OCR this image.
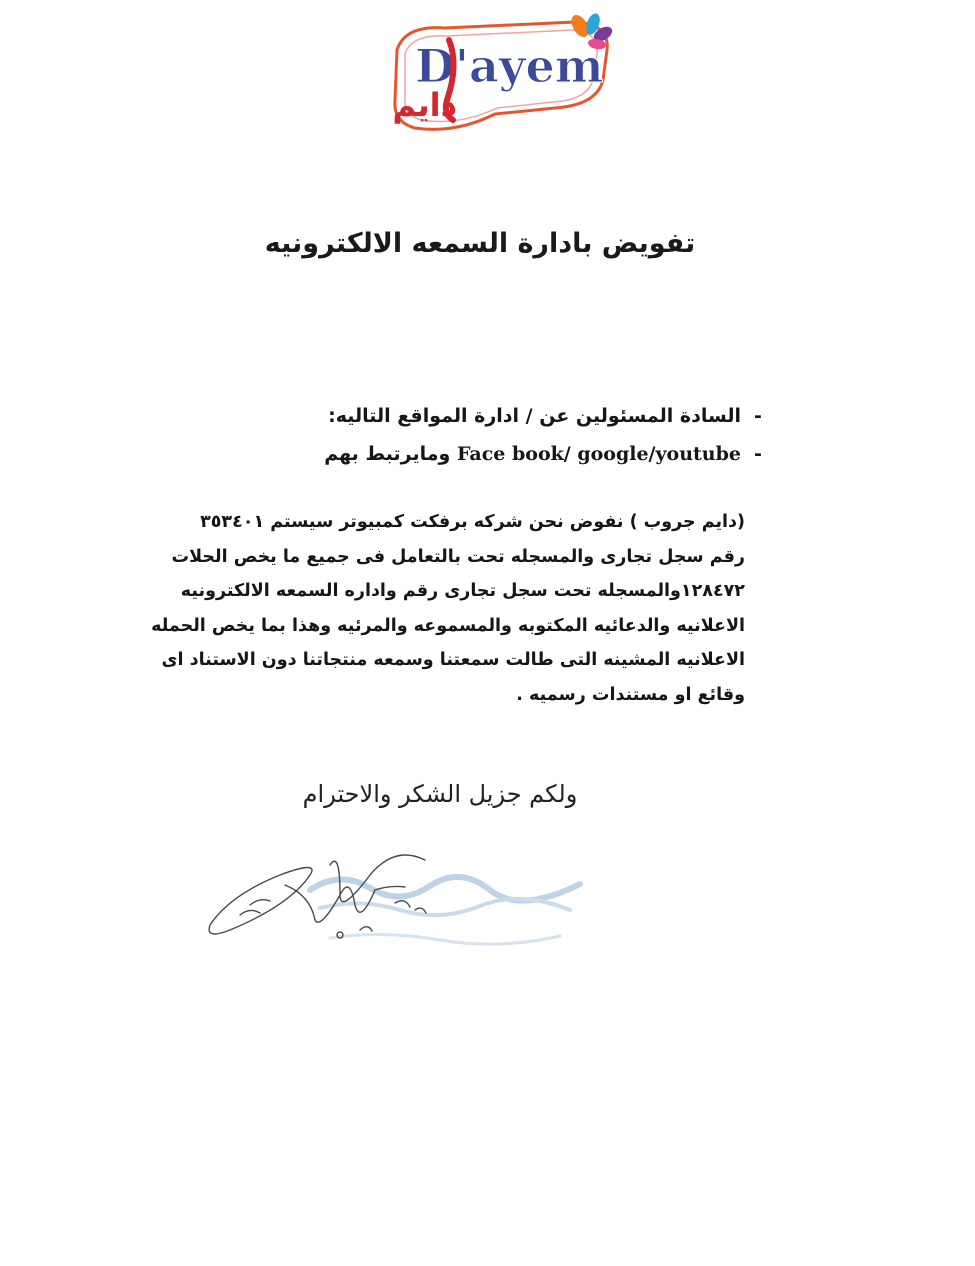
D'ayem
دايم
تفويض بادارة السمعه الالكترونيه
-السادة المسئولين عن / ادارة المواقع التاليه:
-Face book/ google/youtube ومايرتبط بهم
(دايم جروب ) نفوض نحن شركه برفكت كمبيوتر سيستم ٣٥٣٤٠١
رقم سجل تجارى والمسجله تحت بالتعامل فى جميع ما يخص الحلات
١٢٨٤٧٢والمسجله تحت سجل تجارى رقم واداره السمعه الالكترونيه
الاعلانيه والدعائيه المكتوبه والمسموعه والمرئيه وهذا بما يخص الحمله
الاعلانيه المشينه التى طالت سمعتنا وسمعه منتجاتنا دون الاستناد اى
وقائع او مستندات رسميه .
ولكم جزيل الشكر والاحترام
